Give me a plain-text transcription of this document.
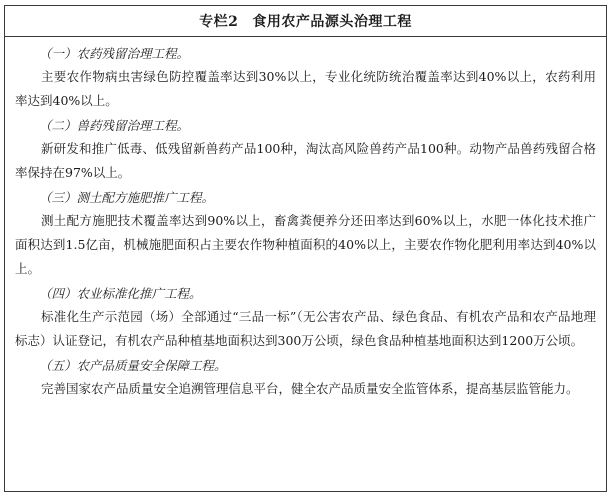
专栏2 食用农产品源头治理工程
（一）农药残留治理工程。

主要农作物病虫害绿色防控覆盖率达到30%以上，专业化统防统治覆盖率达到40%以上，农药利用率达到40%以上。

（二）兽药残留治理工程。

新研发和推广低毒、低残留新兽药产品100种，淘汰高风险兽药产品100种。动物产品兽药残留合格率保持在97%以上。

（三）测土配方施肥推广工程。

测土配方施肥技术覆盖率达到90%以上，畜禽粪便养分还田率达到60%以上，水肥一体化技术推广面积达到1.5亿亩，机械施肥面积占主要农作物种植面积的40%以上，主要农作物化肥利用率达到40%以上。

（四）农业标准化推广工程。

标准化生产示范园（场）全部通过“三品一标”（无公害农产品、绿色食品、有机农产品和农产品地理标志）认证登记，有机农产品种植基地面积达到300万公顷，绿色食品种植基地面积达到1200万公顷。

（五）农产品质量安全保障工程。

完善国家农产品质量安全追溯管理信息平台，健全农产品质量安全监管体系，提高基层监管能力。
